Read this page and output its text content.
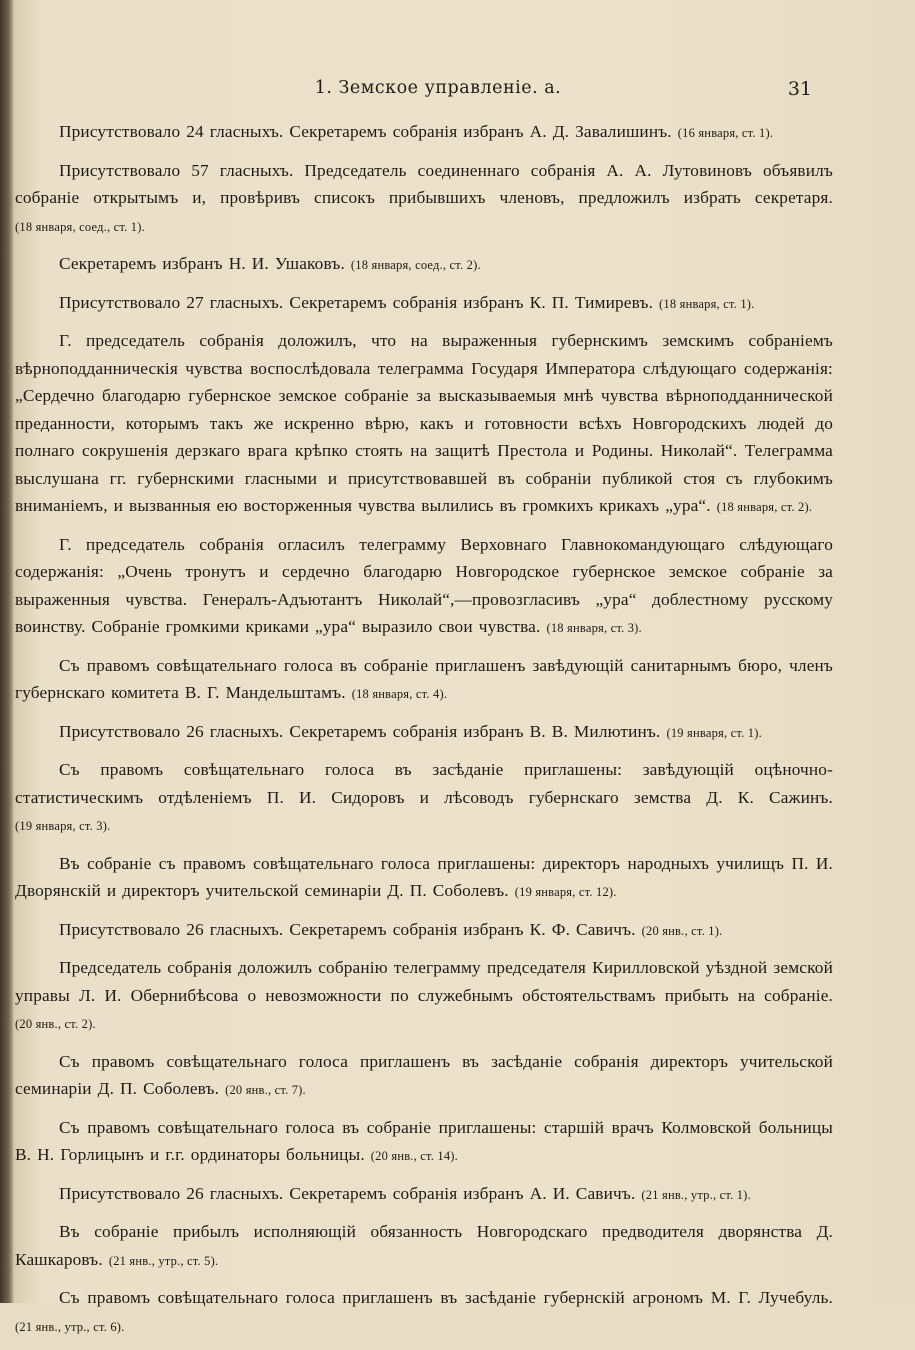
1. Земское управленіе. а.	31

Присутствовало 24 гласныхъ. Секретаремъ собранія избранъ А. Д. Завалишинъ. (16 января, ст. 1).

Присутствовало 57 гласныхъ. Председатель соединеннаго собранія А. А. Лутовиновъ объявилъ собраніе открытымъ и, провѣривъ списокъ прибывшихъ членовъ, предложилъ избрать секретаря. (18 января, соед., ст. 1).

Секретаремъ избранъ Н. И. Ушаковъ. (18 января, соед., ст. 2).

Присутствовало 27 гласныхъ. Секретаремъ собранія избранъ К. П. Тимиревъ. (18 января, ст. 1).

Г. председатель собранія доложилъ, что на выраженныя губернскимъ земскимъ собраніемъ вѣрноподданническія чувства воспослѣдовала телеграмма Государя Императора слѣдующаго содержанія: „Сердечно благодарю губернское земское собраніе за высказываемыя мнѣ чувства вѣрноподданнической преданности, которымъ такъ же искренно вѣрю, какъ и готовности всѣхъ Новгородскихъ людей до полнаго сокрушенія дерзкаго врага крѣпко стоять на защитѣ Престола и Родины. Николай“. Телеграмма выслушана гг. губернскими гласными и присутствовавшей въ собраніи публикой стоя съ глубокимъ вниманіемъ, и вызванныя ею восторженныя чувства вылились въ громкихъ крикахъ „ура“. (18 января, ст. 2).

Г. председатель собранія огласилъ телеграмму Верховнаго Главнокомандующаго слѣдующаго содержанія: „Очень тронутъ и сердечно благодарю Новгородское губернское земское собраніе за выраженныя чувства. Генералъ-Адъютантъ Николай“,—провозгласивъ „ура“ доблестному русскому воинству. Собраніе громкими криками „ура“ выразило свои чувства. (18 января, ст. 3).

Съ правомъ совѣщательнаго голоса въ собраніе приглашенъ завѣдующій санитарнымъ бюро, членъ губернскаго комитета В. Г. Мандельштамъ. (18 января, ст. 4).

Присутствовало 26 гласныхъ. Секретаремъ собранія избранъ В. В. Милютинъ. (19 января, ст. 1).

Съ правомъ совѣщательнаго голоса въ засѣданіе приглашены: завѣдующій оцѣночно-статистическимъ отдѣленіемъ П. И. Сидоровъ и лѣсоводъ губернскаго земства Д. К. Сажинъ. (19 января, ст. 3).

Въ собраніе съ правомъ совѣщательнаго голоса приглашены: директоръ народныхъ училищъ П. И. Дворянскій и директоръ учительской семинаріи Д. П. Соболевъ. (19 января, ст. 12).

Присутствовало 26 гласныхъ. Секретаремъ собранія избранъ К. Ф. Савичъ. (20 янв., ст. 1).

Председатель собранія доложилъ собранію телеграмму председателя Кирилловской уѣздной земской управы Л. И. Обернибѣсова о невозможности по служебнымъ обстоятельствамъ прибыть на собраніе. (20 янв., ст. 2).

Съ правомъ совѣщательнаго голоса приглашенъ въ засѣданіе собранія директоръ учительской семинаріи Д. П. Соболевъ. (20 янв., ст. 7).

Съ правомъ совѣщательнаго голоса въ собраніе приглашены: старшій врачъ Колмовской больницы В. Н. Горлицынъ и г.г. ординаторы больницы. (20 янв., ст. 14).

Присутствовало 26 гласныхъ. Секретаремъ собранія избранъ А. И. Савичъ. (21 янв., утр., ст. 1).

Въ собраніе прибылъ исполняющій обязанность Новгородскаго предводителя дворянства Д. Кашкаровъ. (21 янв., утр., ст. 5).

Съ правомъ совѣщательнаго голоса приглашенъ въ засѣданіе губернскій агрономъ М. Г. Лучебуль. (21 янв., утр., ст. 6).
